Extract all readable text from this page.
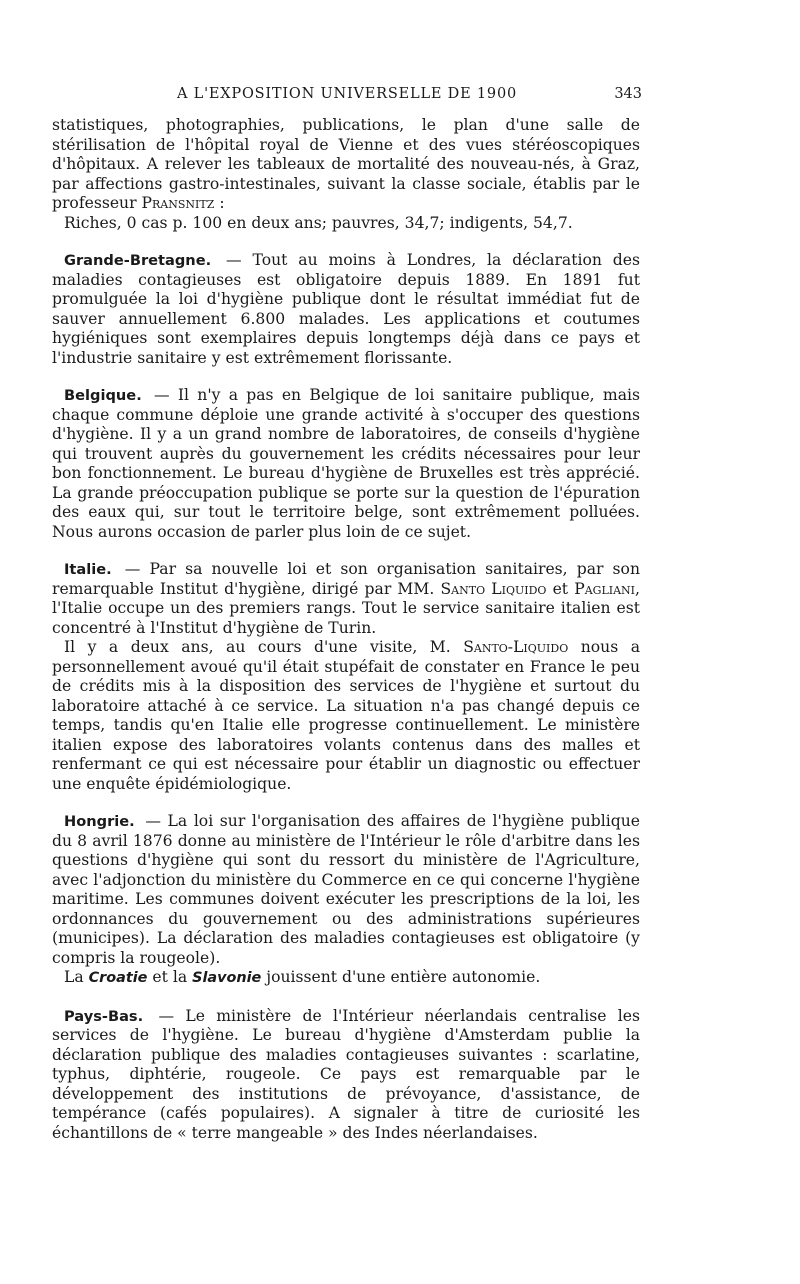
A L'EXPOSITION UNIVERSELLE DE 1900	343

statistiques, photographies, publications, le plan d'une salle de stérilisation de l'hôpital royal de Vienne et des vues stéréoscopiques d'hôpitaux. A relever les tableaux de mortalité des nouveau-nés, à Graz, par affections gastro-intestinales, suivant la classe sociale, établis par le professeur Pransnitz :

Riches, 0 cas p. 100 en deux ans; pauvres, 34,7; indigents, 54,7.

Grande-Bretagne. — Tout au moins à Londres, la déclaration des maladies contagieuses est obligatoire depuis 1889. En 1891 fut promulguée la loi d'hygiène publique dont le résultat immédiat fut de sauver annuellement 6.800 malades. Les applications et coutumes hygiéniques sont exemplaires depuis longtemps déjà dans ce pays et l'industrie sanitaire y est extrêmement florissante.

Belgique. — Il n'y a pas en Belgique de loi sanitaire publique, mais chaque commune déploie une grande activité à s'occuper des questions d'hygiène. Il y a un grand nombre de laboratoires, de conseils d'hygiène qui trouvent auprès du gouvernement les crédits nécessaires pour leur bon fonctionnement. Le bureau d'hygiène de Bruxelles est très apprécié. La grande préoccupation publique se porte sur la question de l'épuration des eaux qui, sur tout le territoire belge, sont extrêmement polluées. Nous aurons occasion de parler plus loin de ce sujet.

Italie. — Par sa nouvelle loi et son organisation sanitaires, par son remarquable Institut d'hygiène, dirigé par MM. Santo Liquido et Pagliani, l'Italie occupe un des premiers rangs. Tout le service sanitaire italien est concentré à l'Institut d'hygiène de Turin.

Il y a deux ans, au cours d'une visite, M. Santo-Liquido nous a personnellement avoué qu'il était stupéfait de constater en France le peu de crédits mis à la disposition des services de l'hygiène et surtout du laboratoire attaché à ce service. La situation n'a pas changé depuis ce temps, tandis qu'en Italie elle progresse continuellement. Le ministère italien expose des laboratoires volants contenus dans des malles et renfermant ce qui est nécessaire pour établir un diagnostic ou effectuer une enquête épidémiologique.

Hongrie. — La loi sur l'organisation des affaires de l'hygiène publique du 8 avril 1876 donne au ministère de l'Intérieur le rôle d'arbitre dans les questions d'hygiène qui sont du ressort du ministère de l'Agriculture, avec l'adjonction du ministère du Commerce en ce qui concerne l'hygiène maritime. Les communes doivent exécuter les prescriptions de la loi, les ordonnances du gouvernement ou des administrations supérieures (municipes). La déclaration des maladies contagieuses est obligatoire (y compris la rougeole).

La Croatie et la Slavonie jouissent d'une entière autonomie.

Pays-Bas. — Le ministère de l'Intérieur néerlandais centralise les services de l'hygiène. Le bureau d'hygiène d'Amsterdam publie la déclaration publique des maladies contagieuses suivantes : scarlatine, typhus, diphtérie, rougeole. Ce pays est remarquable par le développement des institutions de prévoyance, d'assistance, de tempérance (cafés populaires). A signaler à titre de curiosité les échantillons de « terre mangeable » des Indes néerlandaises.
